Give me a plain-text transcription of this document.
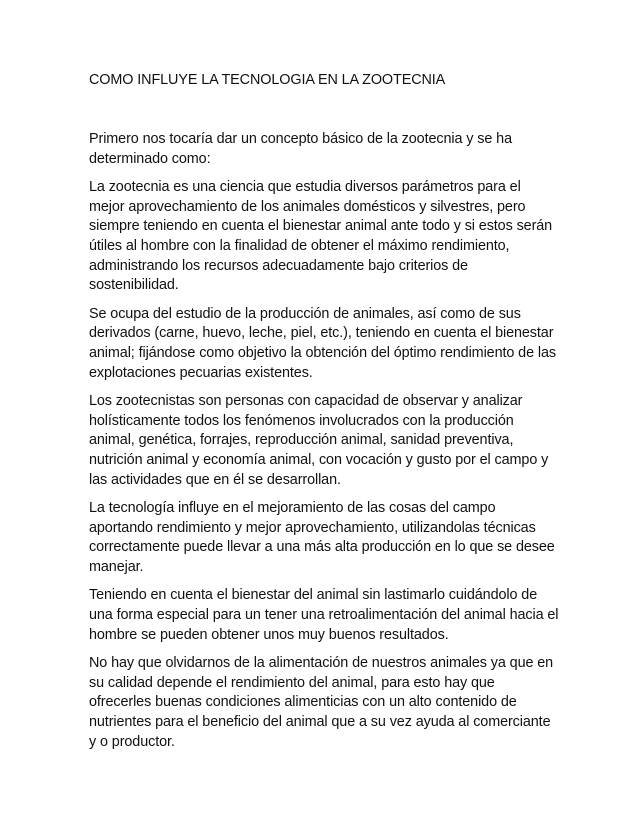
COMO INFLUYE LA TECNOLOGIA EN LA ZOOTECNIA

Primero nos tocaría dar un concepto básico de la zootecnia y se ha determinado como:

La zootecnia es una ciencia que estudia diversos parámetros para el mejor aprovechamiento de los animales domésticos y silvestres, pero siempre teniendo en cuenta el bienestar animal ante todo y si estos serán útiles al hombre con la finalidad de obtener el máximo rendimiento, administrando los recursos adecuadamente bajo criterios de sostenibilidad.

Se ocupa del estudio de la producción de animales, así como de sus derivados (carne, huevo, leche, piel, etc.), teniendo en cuenta el bienestar animal; fijándose como objetivo la obtención del óptimo rendimiento de las explotaciones pecuarias existentes.

Los zootecnistas son personas con capacidad de observar y analizar holísticamente todos los fenómenos involucrados con la producción animal, genética, forrajes, reproducción animal, sanidad preventiva, nutrición animal y economía animal, con vocación y gusto por el campo y las actividades que en él se desarrollan.

La tecnología influye en el mejoramiento de las cosas del campo aportando rendimiento y mejor aprovechamiento, utilizandolas técnicas correctamente puede llevar a una más alta producción en lo que se desee manejar.

Teniendo en cuenta el bienestar del animal sin lastimarlo cuidándolo de una forma especial para un tener una retroalimentación del animal hacia el hombre se pueden obtener unos muy buenos resultados.

No hay que olvidarnos de la alimentación de nuestros animales ya que en su calidad depende el rendimiento del animal, para esto hay que ofrecerles buenas condiciones alimenticias con un alto contenido de nutrientes para el beneficio del animal que a su vez ayuda al comerciante y o productor.
